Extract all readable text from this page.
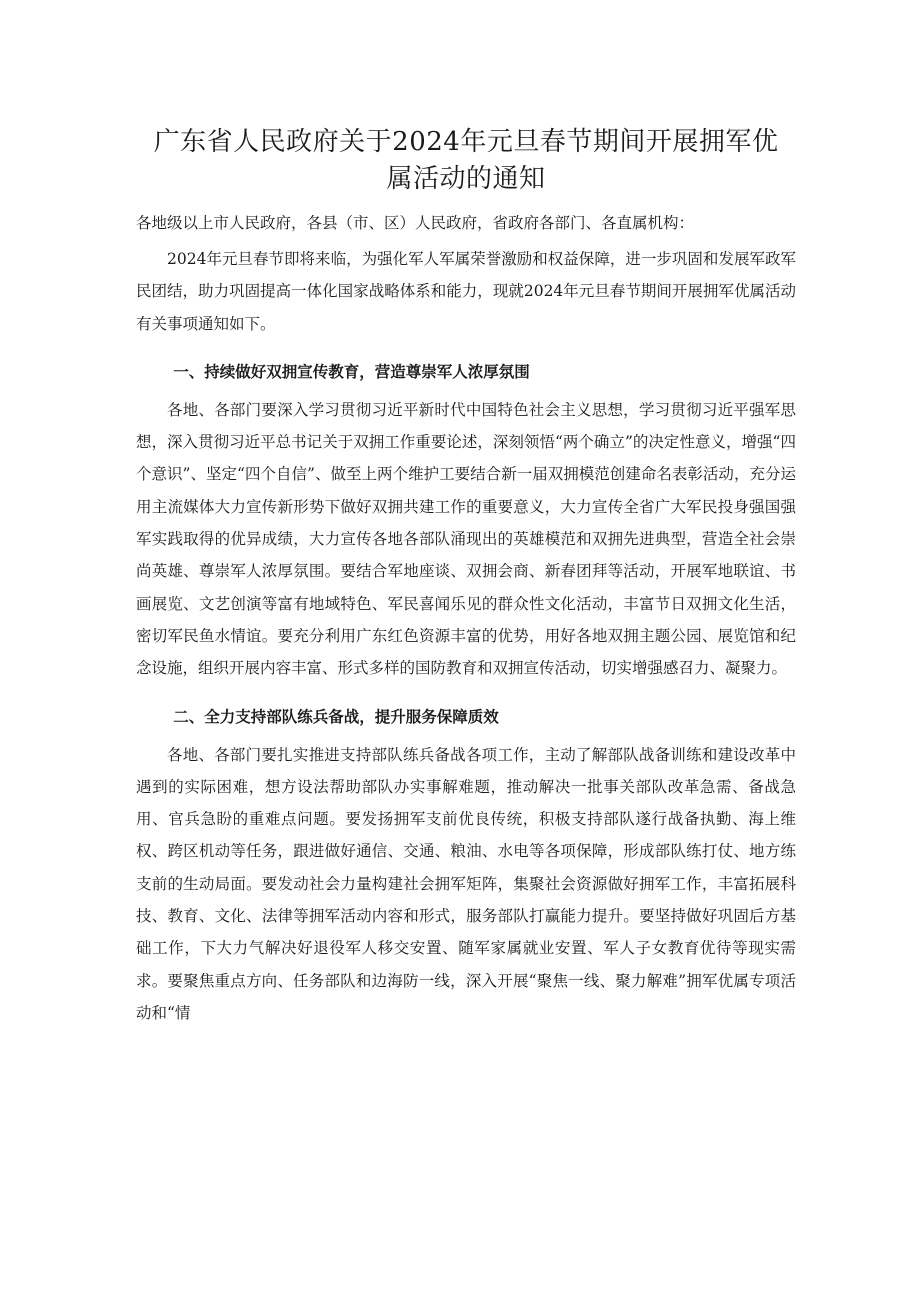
广东省人民政府关于2024年元旦春节期间开展拥军优属活动的通知

各地级以上市人民政府，各县（市、区）人民政府，省政府各部门、各直属机构：

2024年元旦春节即将来临，为强化军人军属荣誉激励和权益保障，进一步巩固和发展军政军民团结，助力巩固提高一体化国家战略体系和能力，现就2024年元旦春节期间开展拥军优属活动有关事项通知如下。

一、持续做好双拥宣传教育，营造尊崇军人浓厚氛围

各地、各部门要深入学习贯彻习近平新时代中国特色社会主义思想，学习贯彻习近平强军思想，深入贯彻习近平总书记关于双拥工作重要论述，深刻领悟“两个确立”的决定性意义，增强“四个意识”、坚定“四个自信”、做至上两个维护工要结合新一届双拥模范创建命名表彰活动，充分运用主流媒体大力宣传新形势下做好双拥共建工作的重要意义，大力宣传全省广大军民投身强国强军实践取得的优异成绩，大力宣传各地各部队涌现出的英雄模范和双拥先进典型，营造全社会崇尚英雄、尊崇军人浓厚氛围。要结合军地座谈、双拥会商、新春团拜等活动，开展军地联谊、书画展览、文艺创演等富有地域特色、军民喜闻乐见的群众性文化活动，丰富节日双拥文化生活，密切军民鱼水情谊。要充分利用广东红色资源丰富的优势，用好各地双拥主题公园、展览馆和纪念设施，组织开展内容丰富、形式多样的国防教育和双拥宣传活动，切实增强感召力、凝聚力。

二、全力支持部队练兵备战，提升服务保障质效

各地、各部门要扎实推进支持部队练兵备战各项工作，主动了解部队战备训练和建设改革中遇到的实际困难，想方设法帮助部队办实事解难题，推动解决一批事关部队改革急需、备战急用、官兵急盼的重难点问题。要发扬拥军支前优良传统，积极支持部队遂行战备执勤、海上维权、跨区机动等任务，跟进做好通信、交通、粮油、水电等各项保障，形成部队练打仗、地方练支前的生动局面。要发动社会力量构建社会拥军矩阵，集聚社会资源做好拥军工作，丰富拓展科技、教育、文化、法律等拥军活动内容和形式，服务部队打赢能力提升。要坚持做好巩固后方基础工作，下大力气解决好退役军人移交安置、随军家属就业安置、军人子女教育优待等现实需求。要聚焦重点方向、任务部队和边海防一线，深入开展“聚焦一线、聚力解难”拥军优属专项活动和“情
